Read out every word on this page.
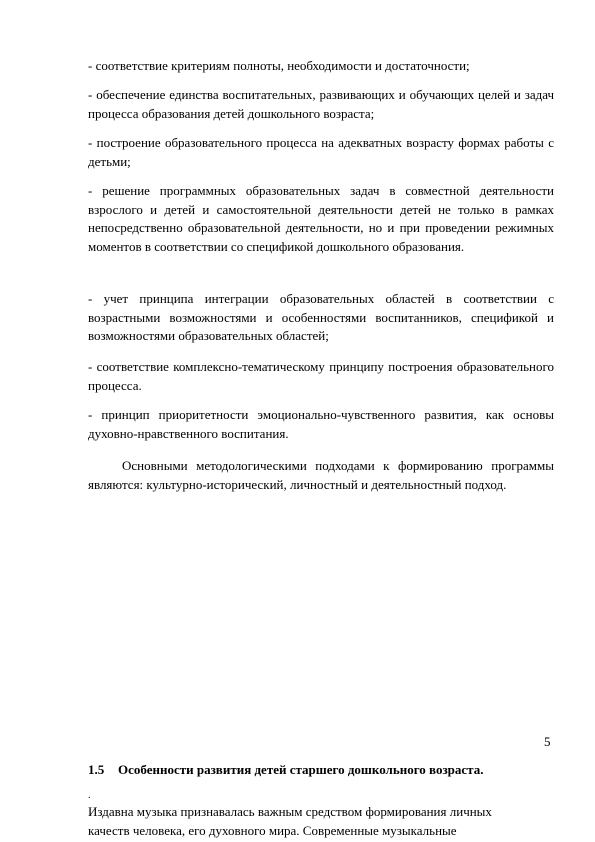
- соответствие критериям полноты, необходимости и достаточности;

- обеспечение единства воспитательных, развивающих и обучающих целей и задач процесса образования детей дошкольного возраста;

- построение образовательного процесса на адекватных возрасту формах работы с детьми;

- решение программных образовательных задач в совместной деятельности взрослого и детей и самостоятельной деятельности детей не только в рамках непосредственно образовательной деятельности, но и при проведении режимных моментов в соответствии со спецификой дошкольного образования.

- учет принципа интеграции образовательных областей в соответствии с возрастными возможностями и особенностями воспитанников, спецификой и возможностями образовательных областей;

- соответствие комплексно-тематическому принципу построения образовательного процесса.

- принцип приоритетности эмоционально-чувственного развития, как основы духовно-нравственного воспитания.

Основными методологическими подходами к формированию программы являются: культурно-исторический, личностный и деятельностный подход.

5
1.5 Особенности развития детей старшего дошкольного возраста.
.

Издавна музыка признавалась важным средством формирования личных качеств человека, его духовного мира. Современные музыкальные
